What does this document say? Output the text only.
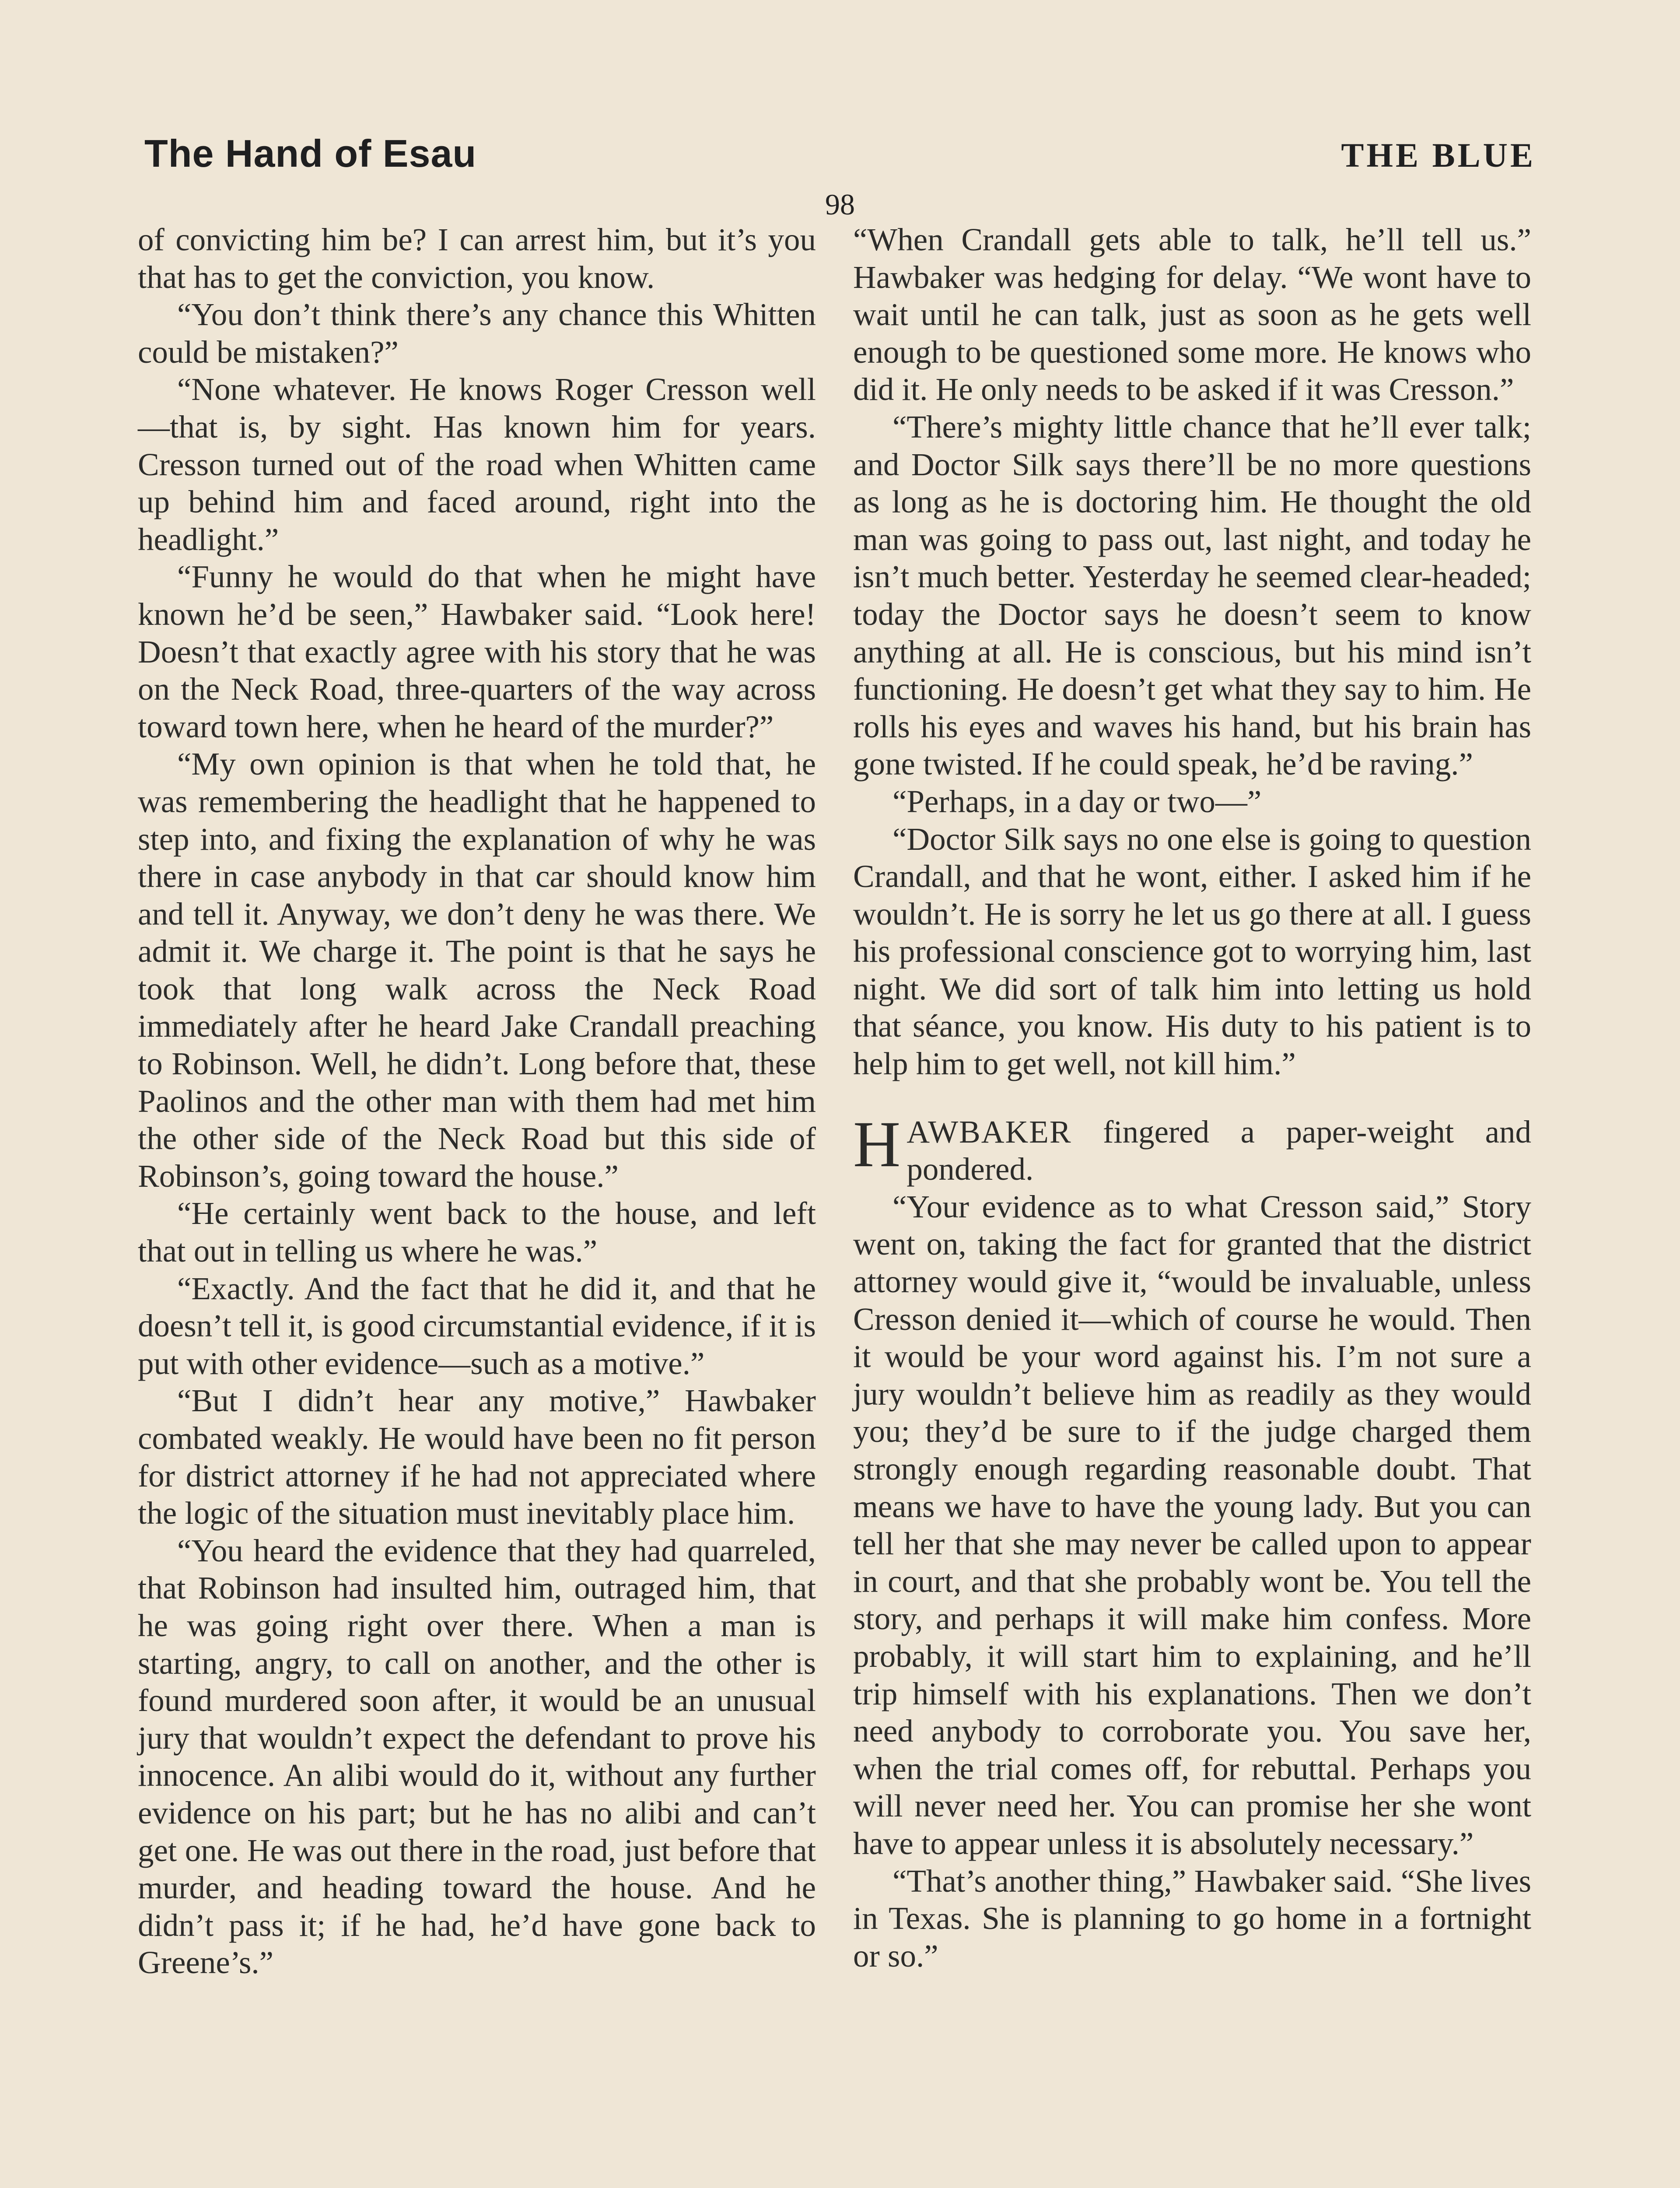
The Hand of Esau	THE BLUE
98

of convicting him be? I can arrest him, but it’s you that has to get the conviction, you know.

“You don’t think there’s any chance this Whitten could be mistaken?”

“None whatever. He knows Roger Cresson well—that is, by sight. Has known him for years. Cresson turned out of the road when Whitten came up behind him and faced around, right into the headlight.”

“Funny he would do that when he might have known he’d be seen,” Hawbaker said. “Look here! Doesn’t that exactly agree with his story that he was on the Neck Road, three-quarters of the way across toward town here, when he heard of the murder?”

“My own opinion is that when he told that, he was remembering the headlight that he happened to step into, and fixing the explanation of why he was there in case anybody in that car should know him and tell it. Anyway, we don’t deny he was there. We admit it. We charge it. The point is that he says he took that long walk across the Neck Road immediately after he heard Jake Crandall preaching to Robinson. Well, he didn’t. Long before that, these Paolinos and the other man with them had met him the other side of the Neck Road but this side of Robinson’s, going toward the house.”

“He certainly went back to the house, and left that out in telling us where he was.”

“Exactly. And the fact that he did it, and that he doesn’t tell it, is good circumstantial evidence, if it is put with other evidence—such as a motive.”

“But I didn’t hear any motive,” Hawbaker combated weakly. He would have been no fit person for district attorney if he had not appreciated where the logic of the situation must inevitably place him.

“You heard the evidence that they had quarreled, that Robinson had insulted him, outraged him, that he was going right over there. When a man is starting, angry, to call on another, and the other is found murdered soon after, it would be an unusual jury that wouldn’t expect the defendant to prove his innocence. An alibi would do it, without any further evidence on his part; but he has no alibi and can’t get one. He was out there in the road, just before that murder, and heading toward the house. And he didn’t pass it; if he had, he’d have gone back to Greene’s.”

“When Crandall gets able to talk, he’ll tell us.” Hawbaker was hedging for delay. “We wont have to wait until he can talk, just as soon as he gets well enough to be questioned some more. He knows who did it. He only needs to be asked if it was Cresson.”

“There’s mighty little chance that he’ll ever talk; and Doctor Silk says there’ll be no more questions as long as he is doctoring him. He thought the old man was going to pass out, last night, and today he isn’t much better. Yesterday he seemed clear-headed; today the Doctor says he doesn’t seem to know anything at all. He is conscious, but his mind isn’t functioning. He doesn’t get what they say to him. He rolls his eyes and waves his hand, but his brain has gone twisted. If he could speak, he’d be raving.”

“Perhaps, in a day or two—”

“Doctor Silk says no one else is going to question Crandall, and that he wont, either. I asked him if he wouldn’t. He is sorry he let us go there at all. I guess his professional conscience got to worrying him, last night. We did sort of talk him into letting us hold that séance, you know. His duty to his patient is to help him to get well, not kill him.”

HAWBAKER fingered a paper-weight and pondered.

“Your evidence as to what Cresson said,” Story went on, taking the fact for granted that the district attorney would give it, “would be invaluable, unless Cresson denied it—which of course he would. Then it would be your word against his. I’m not sure a jury wouldn’t believe him as readily as they would you; they’d be sure to if the judge charged them strongly enough regarding reasonable doubt. That means we have to have the young lady. But you can tell her that she may never be called upon to appear in court, and that she probably wont be. You tell the story, and perhaps it will make him confess. More probably, it will start him to explaining, and he’ll trip himself with his explanations. Then we don’t need anybody to corroborate you. You save her, when the trial comes off, for rebuttal. Perhaps you will never need her. You can promise her she wont have to appear unless it is absolutely necessary.”

“That’s another thing,” Hawbaker said. “She lives in Texas. She is planning to go home in a fortnight or so.”
